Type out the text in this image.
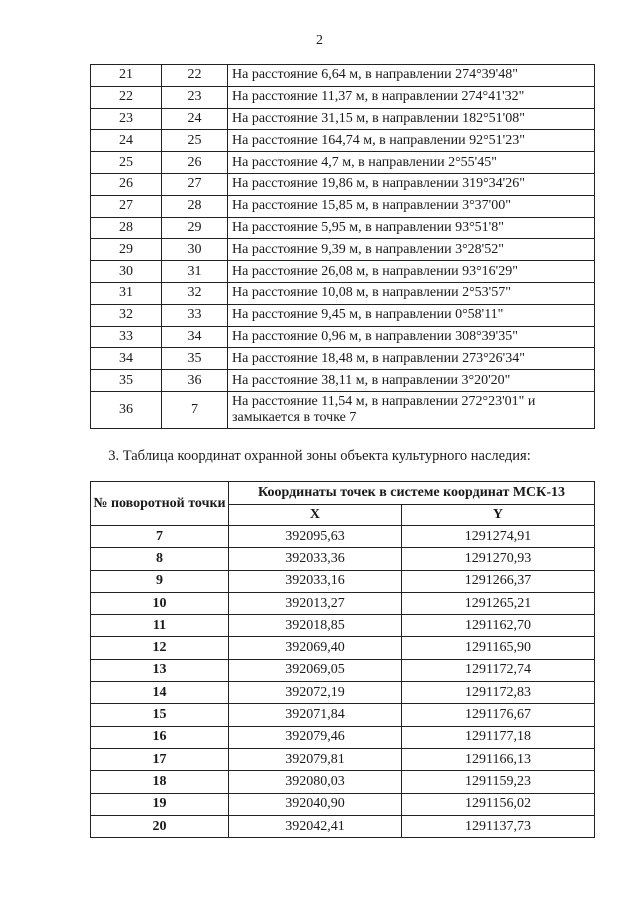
2
21	22	На расстояние 6,64 м, в направлении 274°39'48"
22	23	На расстояние 11,37 м, в направлении 274°41'32"
23	24	На расстояние 31,15 м, в направлении 182°51'08"
24	25	На расстояние 164,74 м, в направлении 92°51'23"
25	26	На расстояние 4,7 м, в направлении 2°55'45"
26	27	На расстояние 19,86 м, в направлении 319°34'26"
27	28	На расстояние 15,85 м, в направлении 3°37'00"
28	29	На расстояние 5,95 м, в направлении 93°51'8"
29	30	На расстояние 9,39 м, в направлении 3°28'52"
30	31	На расстояние 26,08 м, в направлении 93°16'29"
31	32	На расстояние 10,08 м, в направлении 2°53'57"
32	33	На расстояние 9,45 м, в направлении 0°58'11"
33	34	На расстояние 0,96 м, в направлении 308°39'35"
34	35	На расстояние 18,48 м, в направлении 273°26'34"
35	36	На расстояние 38,11 м, в направлении 3°20'20"
36	7	На расстояние 11,54 м, в направлении 272°23'01" и замыкается в точке 7
3. Таблица координат охранной зоны объекта культурного наследия:
№ поворотной точки	Координаты точек в системе координат МСК-13	
	X	Y
7	392095,63	1291274,91
8	392033,36	1291270,93
9	392033,16	1291266,37
10	392013,27	1291265,21
11	392018,85	1291162,70
12	392069,40	1291165,90
13	392069,05	1291172,74
14	392072,19	1291172,83
15	392071,84	1291176,67
16	392079,46	1291177,18
17	392079,81	1291166,13
18	392080,03	1291159,23
19	392040,90	1291156,02
20	392042,41	1291137,73
